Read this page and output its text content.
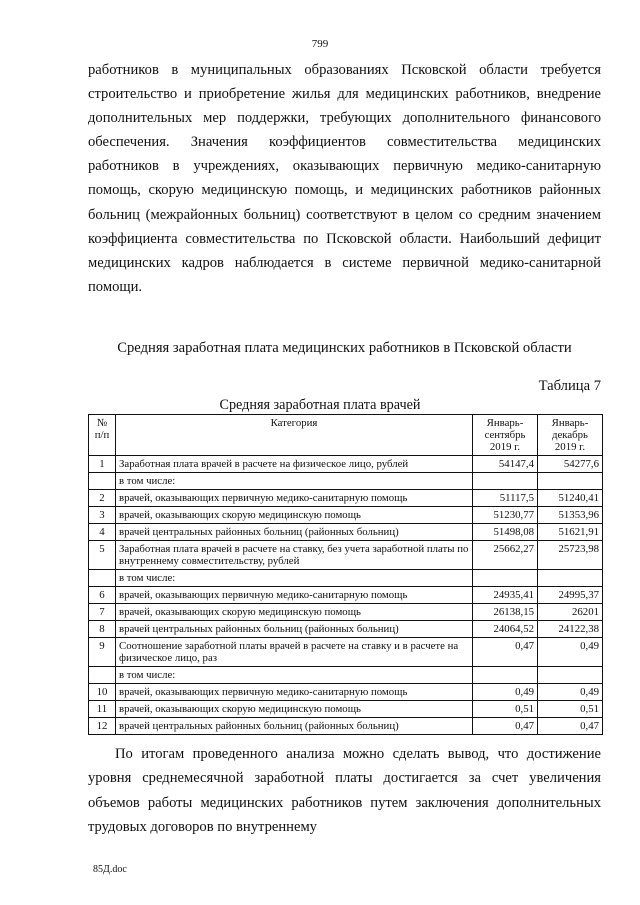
799

работников в муниципальных образованиях Псковской области требуется строительство и приобретение жилья для медицинских работников, внедрение дополнительных мер поддержки, требующих дополнительного финансового обеспечения. Значения коэффициентов совместительства медицинских работников в учреждениях, оказывающих первичную медико-санитарную помощь, скорую медицинскую помощь, и медицинских работников районных больниц (межрайонных больниц) соответствуют в целом со средним значением коэффициента совместительства по Псковской области. Наибольший дефицит медицинских кадров наблюдается в системе первичной медико-санитарной помощи.

Средняя заработная плата медицинских работников в Псковской области
Таблица 7
Средняя заработная плата врачей
№ п/п	Категория	Январь-сентябрь 2019 г.	Январь-декабрь 2019 г.
1	Заработная плата врачей в расчете на физическое лицо, рублей	54147,4	54277,6
	в том числе:		
2	врачей, оказывающих первичную медико-санитарную помощь	51117,5	51240,41
3	врачей, оказывающих скорую медицинскую помощь	51230,77	51353,96
4	врачей центральных районных больниц (районных больниц)	51498,08	51621,91
5	Заработная плата врачей в расчете на ставку, без учета заработной платы по внутреннему совместительству, рублей	25662,27	25723,98
	в том числе:		
6	врачей, оказывающих первичную медико-санитарную помощь	24935,41	24995,37
7	врачей, оказывающих скорую медицинскую помощь	26138,15	26201
8	врачей центральных районных больниц (районных больниц)	24064,52	24122,38
9	Соотношение заработной платы врачей в расчете на ставку и в расчете на физическое лицо, раз	0,47	0,49
	в том числе:		
10	врачей, оказывающих первичную медико-санитарную помощь	0,49	0,49
11	врачей, оказывающих скорую медицинскую помощь	0,51	0,51
12	врачей центральных районных больниц (районных больниц)	0,47	0,47

По итогам проведенного анализа можно сделать вывод, что достижение уровня среднемесячной заработной платы достигается за счет увеличения объемов работы медицинских работников путем заключения дополнительных трудовых договоров по внутреннему

85Д.doc
